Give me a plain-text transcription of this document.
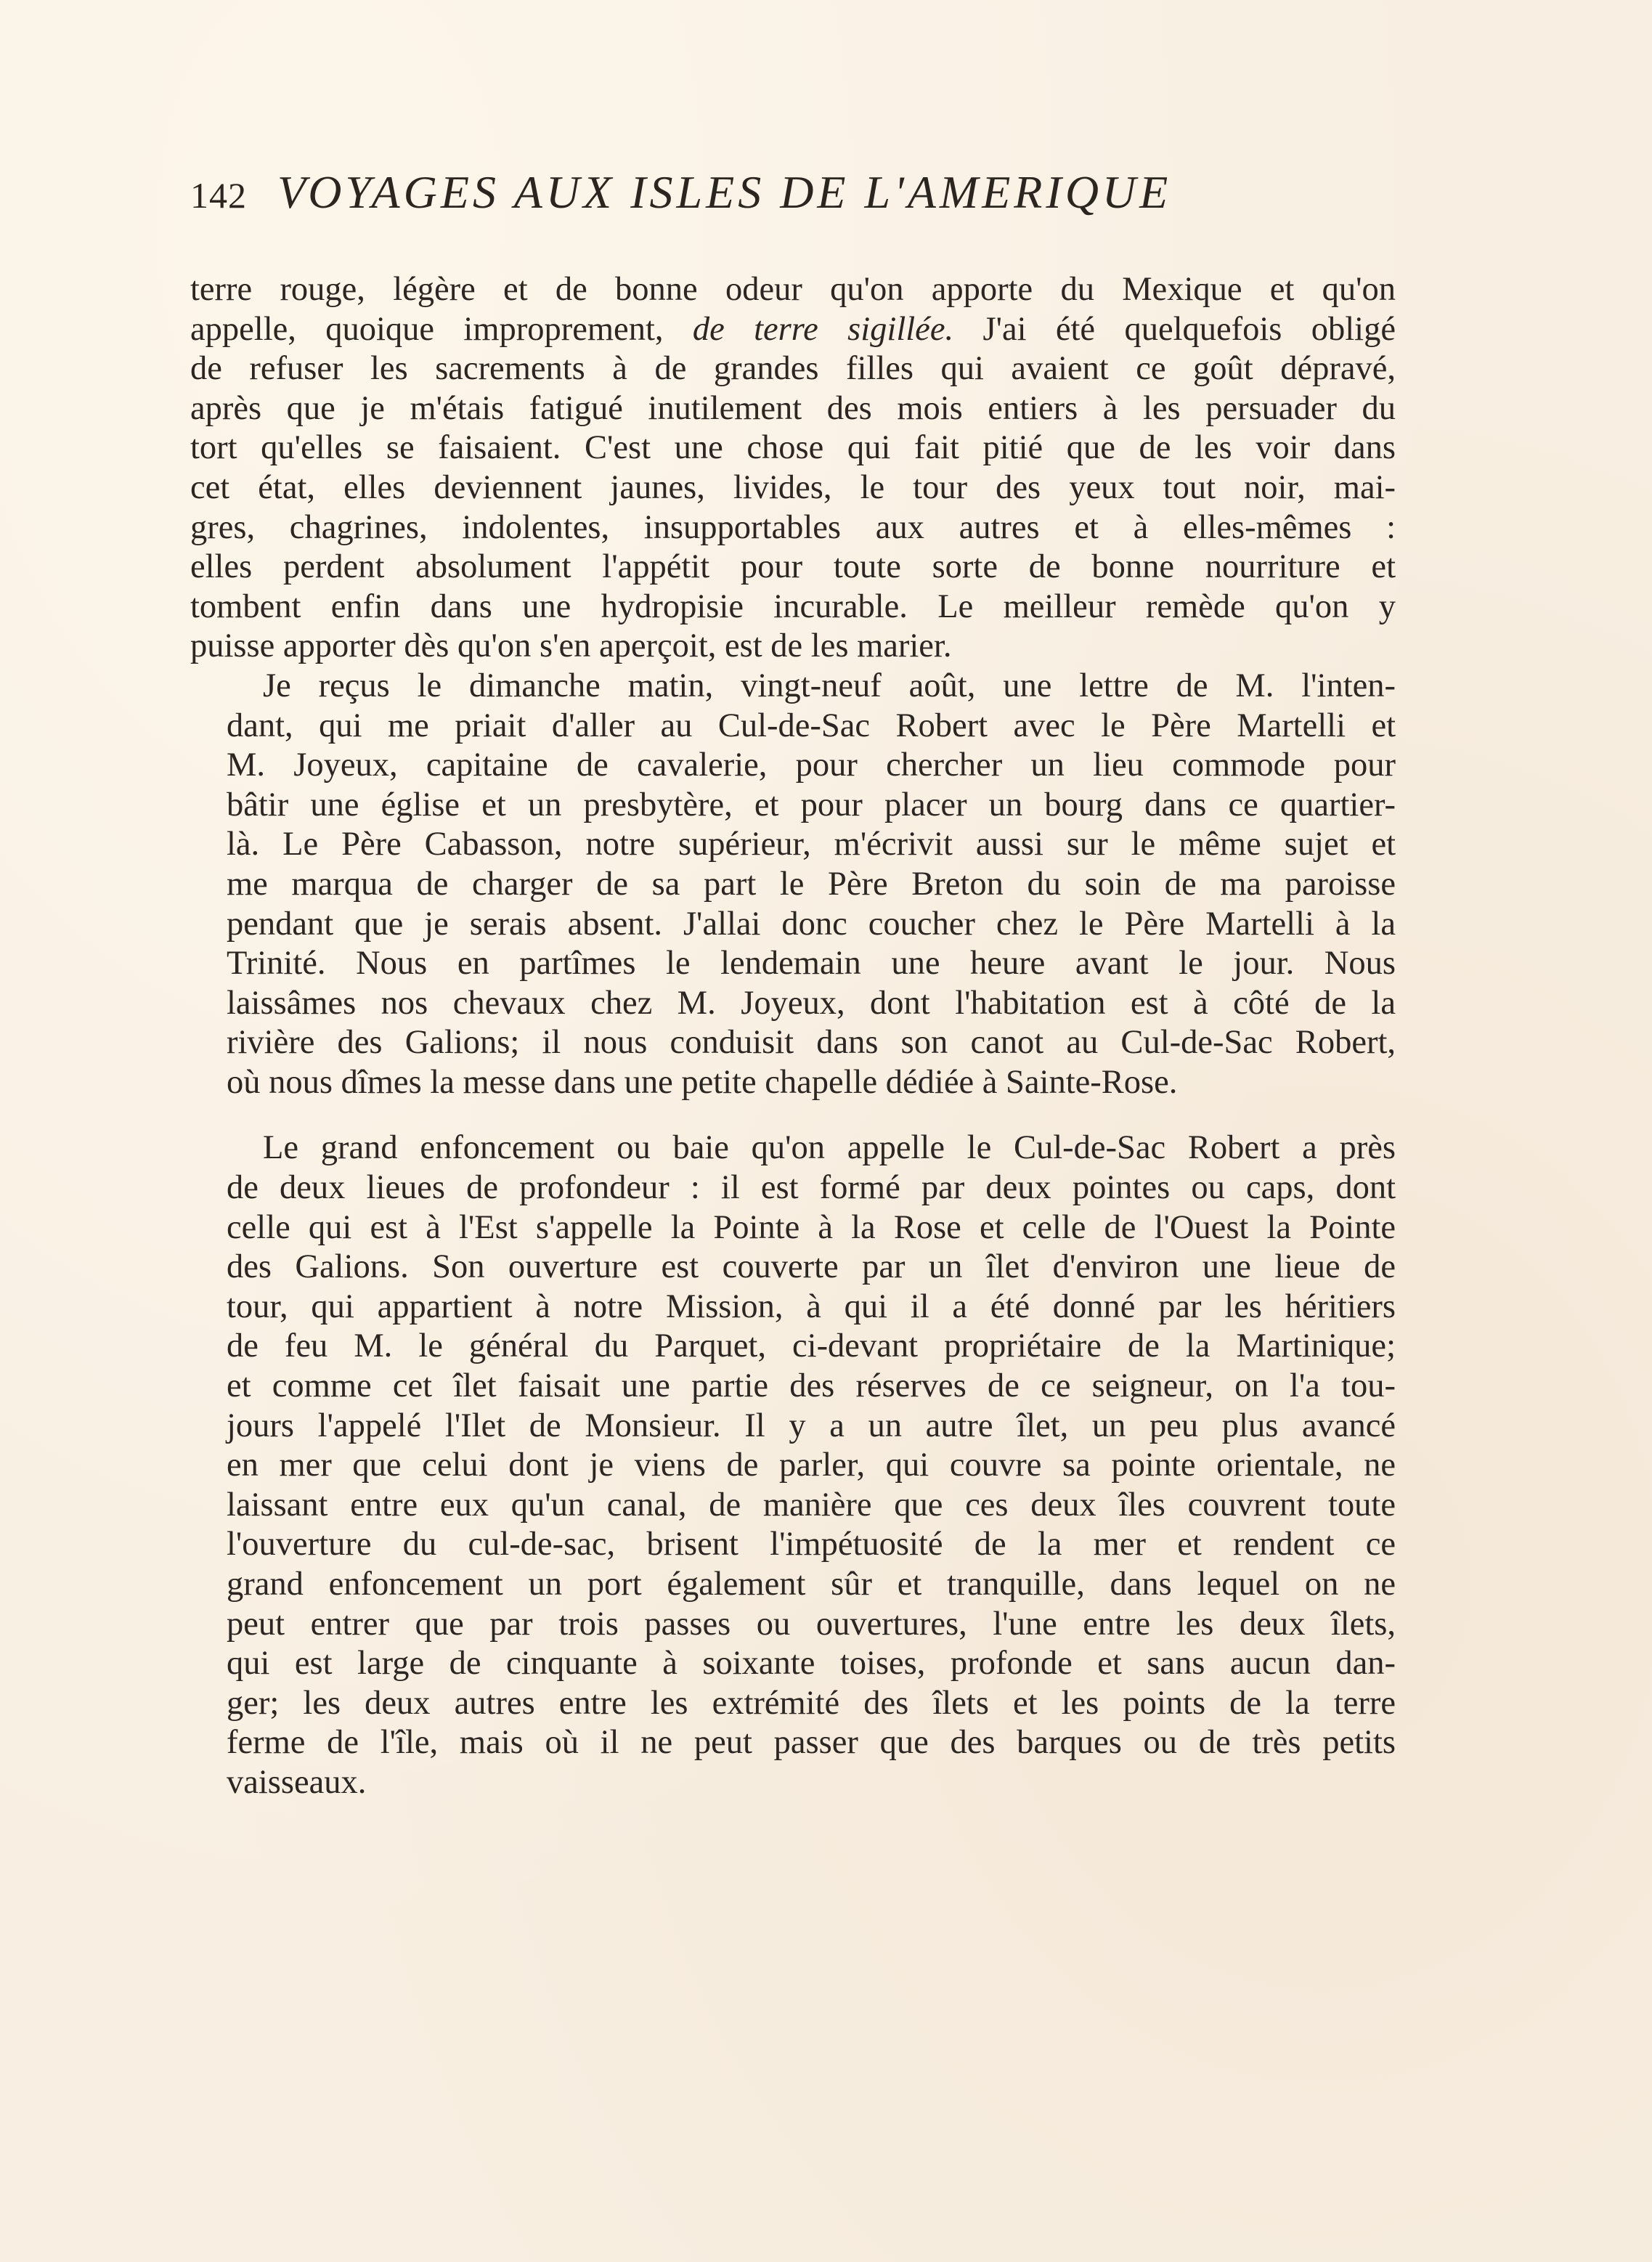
142 VOYAGES AUX ISLES DE L'AMERIQUE
terre rouge, légère et de bonne odeur qu'on apporte du Mexique et qu'on
appelle, quoique improprement, de terre sigillée. J'ai été quelquefois obligé
de refuser les sacrements à de grandes filles qui avaient ce goût dépravé,
après que je m'étais fatigué inutilement des mois entiers à les persuader du
tort qu'elles se faisaient. C'est une chose qui fait pitié que de les voir dans
cet état, elles deviennent jaunes, livides, le tour des yeux tout noir, mai-
gres, chagrines, indolentes, insupportables aux autres et à elles-mêmes :
elles perdent absolument l'appétit pour toute sorte de bonne nourriture et
tombent enfin dans une hydropisie incurable. Le meilleur remède qu'on y
puisse apporter dès qu'on s'en aperçoit, est de les marier.
Je reçus le dimanche matin, vingt-neuf août, une lettre de M. l'inten-
dant, qui me priait d'aller au Cul-de-Sac Robert avec le Père Martelli et
M. Joyeux, capitaine de cavalerie, pour chercher un lieu commode pour
bâtir une église et un presbytère, et pour placer un bourg dans ce quartier-
là. Le Père Cabasson, notre supérieur, m'écrivit aussi sur le même sujet et
me marqua de charger de sa part le Père Breton du soin de ma paroisse
pendant que je serais absent. J'allai donc coucher chez le Père Martelli à la
Trinité. Nous en partîmes le lendemain une heure avant le jour. Nous
laissâmes nos chevaux chez M. Joyeux, dont l'habitation est à côté de la
rivière des Galions; il nous conduisit dans son canot au Cul-de-Sac Robert,
où nous dîmes la messe dans une petite chapelle dédiée à Sainte-Rose.
Le grand enfoncement ou baie qu'on appelle le Cul-de-Sac Robert a près
de deux lieues de profondeur : il est formé par deux pointes ou caps, dont
celle qui est à l'Est s'appelle la Pointe à la Rose et celle de l'Ouest la Pointe
des Galions. Son ouverture est couverte par un îlet d'environ une lieue de
tour, qui appartient à notre Mission, à qui il a été donné par les héritiers
de feu M. le général du Parquet, ci-devant propriétaire de la Martinique;
et comme cet îlet faisait une partie des réserves de ce seigneur, on l'a tou-
jours l'appelé l'Ilet de Monsieur. Il y a un autre îlet, un peu plus avancé
en mer que celui dont je viens de parler, qui couvre sa pointe orientale, ne
laissant entre eux qu'un canal, de manière que ces deux îles couvrent toute
l'ouverture du cul-de-sac, brisent l'impétuosité de la mer et rendent ce
grand enfoncement un port également sûr et tranquille, dans lequel on ne
peut entrer que par trois passes ou ouvertures, l'une entre les deux îlets,
qui est large de cinquante à soixante toises, profonde et sans aucun dan-
ger; les deux autres entre les extrémité des îlets et les points de la terre
ferme de l'île, mais où il ne peut passer que des barques ou de très petits
vaisseaux.
